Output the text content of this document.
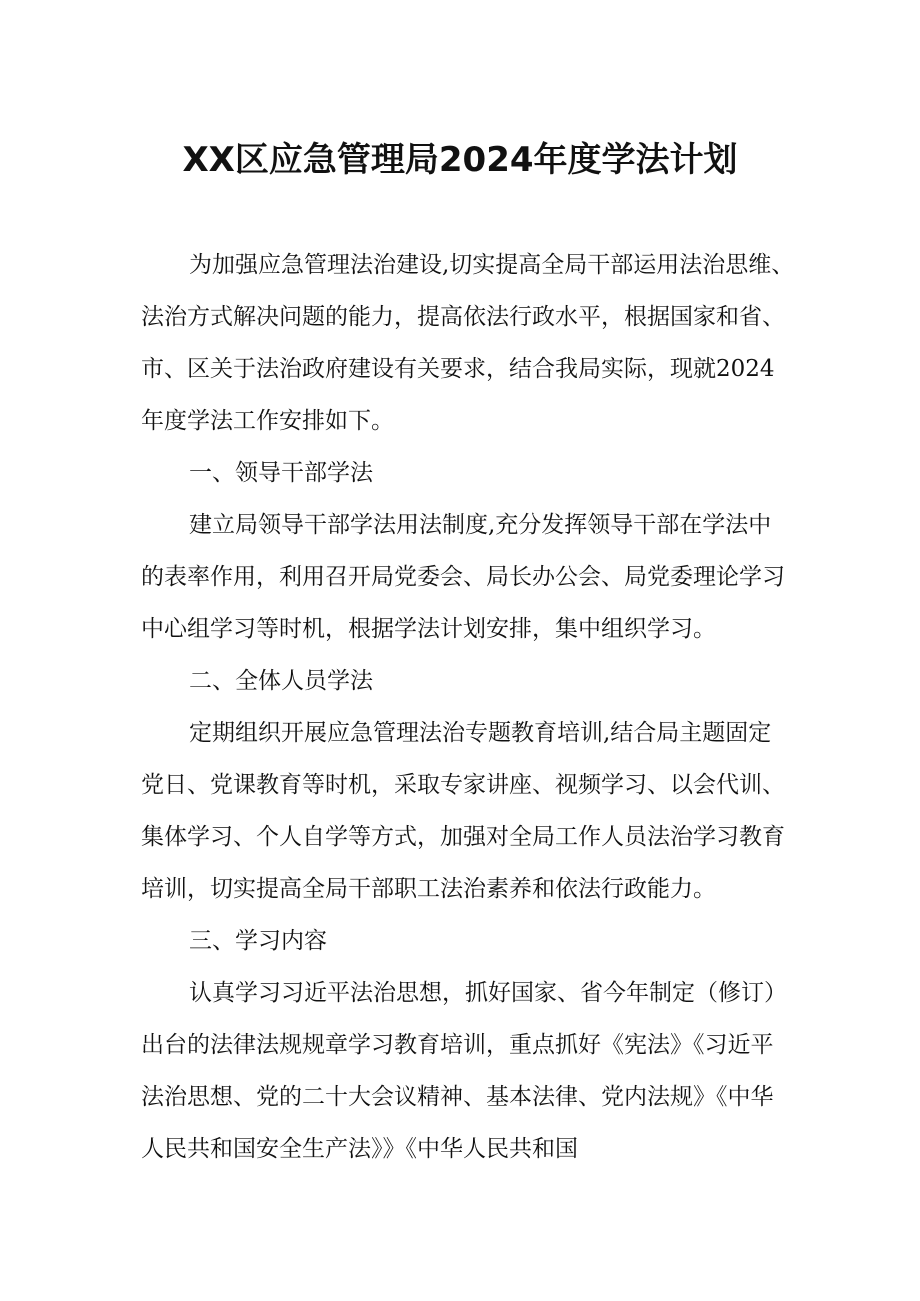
XX区应急管理局2024年度学法计划
为加强应急管理法治建设,切实提高全局干部运用法治思维、
法治方式解决问题的能力，提高依法行政水平，根据国家和省、
市、区关于法治政府建设有关要求，结合我局实际，现就2024
年度学法工作安排如下。
一、领导干部学法
建立局领导干部学法用法制度,充分发挥领导干部在学法中
的表率作用，利用召开局党委会、局长办公会、局党委理论学习
中心组学习等时机，根据学法计划安排，集中组织学习。
二、全体人员学法
定期组织开展应急管理法治专题教育培训,结合局主题固定
党日、党课教育等时机，采取专家讲座、视频学习、以会代训、
集体学习、个人自学等方式，加强对全局工作人员法治学习教育
培训，切实提高全局干部职工法治素养和依法行政能力。
三、学习内容
认真学习习近平法治思想，抓好国家、省今年制定（修订）
出台的法律法规规章学习教育培训，重点抓好《宪法》《习近平
法治思想、党的二十大会议精神、基本法律、党内法规》《中华
人民共和国安全生产法》》《中华人民共和国
